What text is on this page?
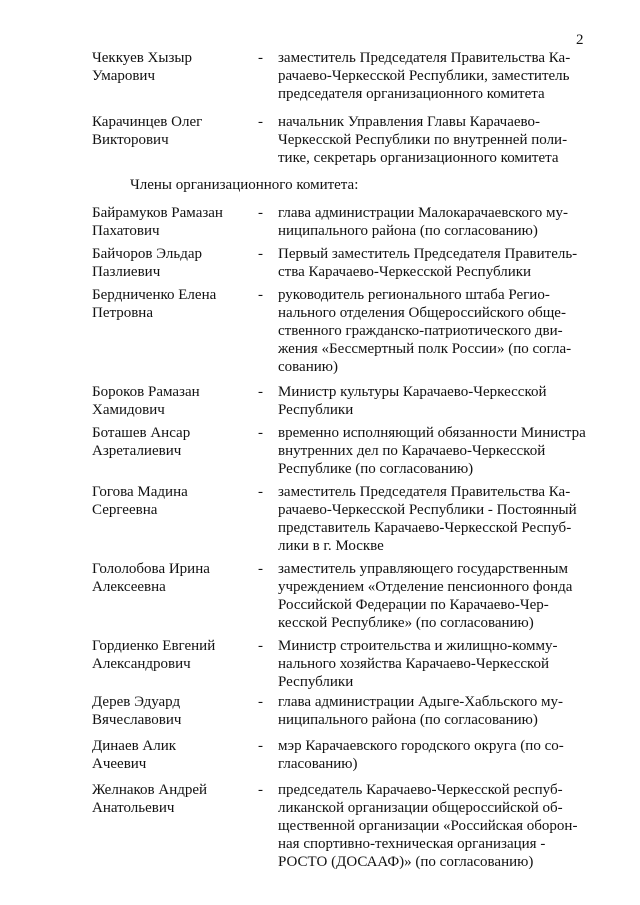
2
Члены организационного комитета:
Чеккуев Хызыр
Умарович
-	заместитель Председателя Правительства Ка-
рачаево-Черкесской Республики, заместитель
председателя организационного комитета
Карачинцев Олег
Викторович
-	начальник Управления Главы Карачаево-
Черкесской Республики по внутренней поли-
тике, секретарь организационного комитета
Байрамуков Рамазан
Пахатович
-	глава администрации Малокарачаевского му-
ниципального района (по согласованию)
Байчоров Эльдар
Пазлиевич
-	Первый заместитель Председателя Правитель-
ства Карачаево-Черкесской Республики
Бердниченко Елена
Петровна
-	руководитель регионального штаба Регио-
нального отделения Общероссийского обще-
ственного гражданско-патриотического дви-
жения «Бессмертный полк России» (по согла-
сованию)
Бороков Рамазан
Хамидович
-	Министр культуры Карачаево-Черкесской
Республики
Боташев Ансар
Азреталиевич
-	временно исполняющий обязанности Министра
внутренних дел по Карачаево-Черкесской
Республике (по согласованию)
Гогова Мадина
Сергеевна
-	заместитель Председателя Правительства Ка-
рачаево-Черкесской Республики - Постоянный
представитель Карачаево-Черкесской Респуб-
лики в г. Москве
Гололобова Ирина
Алексеевна
-	заместитель управляющего государственным
учреждением «Отделение пенсионного фонда
Российской Федерации по Карачаево-Чер-
кесской Республике» (по согласованию)
Гордиенко Евгений
Александрович
-	Министр строительства и жилищно-комму-
нального хозяйства Карачаево-Черкесской
Республики
Дерев Эдуард
Вячеславович
-	глава администрации Адыге-Хабльского му-
ниципального района (по согласованию)
Динаев Алик
Ачеевич
-	мэр Карачаевского городского округа (по со-
гласованию)
Желнаков Андрей
Анатольевич
-	председатель Карачаево-Черкесской респуб-
ликанской организации общероссийской об-
щественной организации «Российская оборон-
ная спортивно-техническая организация -
РОСТО (ДОСААФ)» (по согласованию)
